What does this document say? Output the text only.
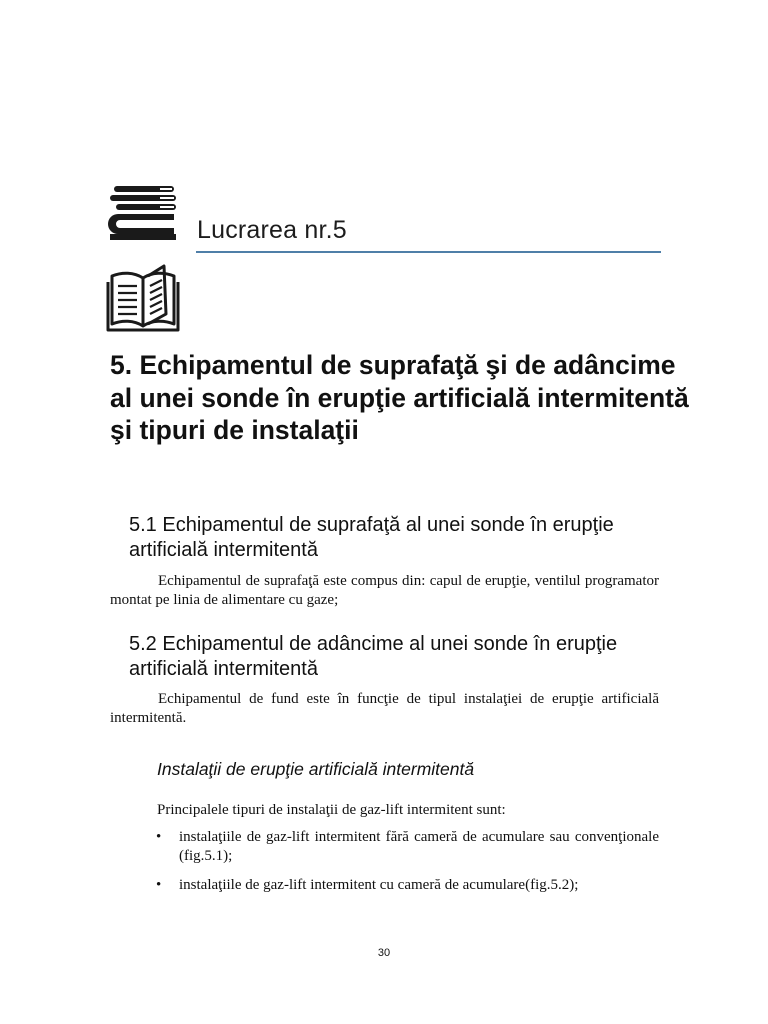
Lucrarea nr.5
5. Echipamentul de suprafaţă şi de adâncime al unei sonde în erupţie artificială intermitentă şi tipuri de instalaţii
5.1 Echipamentul de suprafaţă al unei sonde în erupţie artificială intermitentă
Echipamentul de suprafaţă este compus din: capul de erupţie, ventilul programator montat pe linia de alimentare cu gaze;
5.2 Echipamentul de adâncime al unei sonde în erupţie artificială intermitentă
Echipamentul de fund este în funcţie de tipul instalaţiei de erupţie artificială intermitentă.
Instalaţii de erupţie artificială intermitentă
Principalele tipuri de instalaţii de gaz-lift intermitent sunt:
• instalaţiile de gaz-lift intermitent fără cameră de acumulare sau convenţionale (fig.5.1);
• instalaţiile de gaz-lift intermitent cu cameră de acumulare(fig.5.2);
30
